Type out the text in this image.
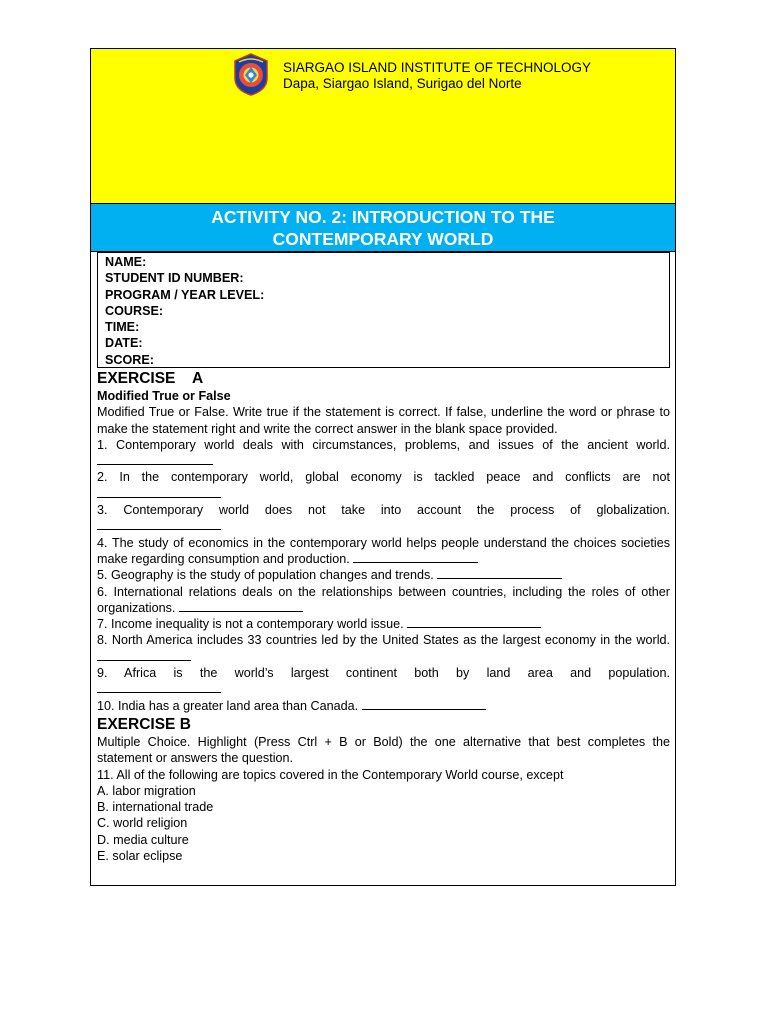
SIARGAO ISLAND INSTITUTE OF TECHNOLOGY
Dapa, Siargao Island, Surigao del Norte
ACTIVITY NO. 2: INTRODUCTION TO THE
CONTEMPORARY WORLD
NAME:
STUDENT ID NUMBER:
PROGRAM / YEAR LEVEL:
COURSE:
TIME:
DATE:
SCORE:
EXERCISE    A
Modified True or False

Modified True or False. Write true if the statement is correct. If false, underline the word or phrase to make the statement right and write the correct answer in the blank space provided.

1. Contemporary world deals with circumstances, problems, and issues of the ancient world.

2. In the contemporary world, global economy is tackled peace and conflicts are not

3. Contemporary world does not take into account the process of globalization.

4. The study of economics in the contemporary world helps people understand the choices societies make regarding consumption and production.

5. Geography is the study of population changes and trends.

6. International relations deals on the relationships between countries, including the roles of other organizations.

7. Income inequality is not a contemporary world issue.

8. North America includes 33 countries led by the United States as the largest economy in the world.

9. Africa is the world’s largest continent both by land area and population.

10. India has a greater land area than Canada.

EXERCISE B

Multiple Choice. Highlight (Press Ctrl + B or Bold) the one alternative that best completes the statement or answers the question.

11. All of the following are topics covered in the Contemporary World course, except

A. labor migration

B. international trade

C. world religion

D. media culture

E. solar eclipse
